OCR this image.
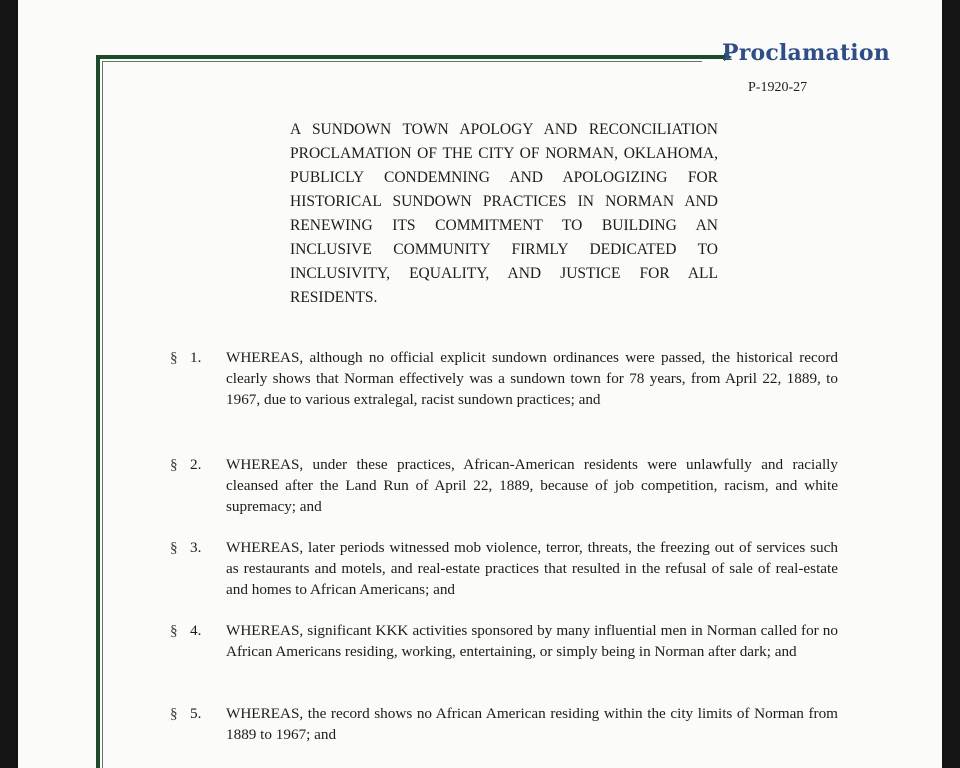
Proclamation
P-1920-27
A SUNDOWN TOWN APOLOGY AND RECONCILIATION PROCLAMATION OF THE CITY OF NORMAN, OKLAHOMA, PUBLICLY CONDEMNING AND APOLOGIZING FOR HISTORICAL SUNDOWN PRACTICES IN NORMAN AND RENEWING ITS COMMITMENT TO BUILDING AN INCLUSIVE COMMUNITY FIRMLY DEDICATED TO INCLUSIVITY, EQUALITY, AND JUSTICE FOR ALL RESIDENTS.
§ 1.	WHEREAS, although no official explicit sundown ordinances were passed, the historical record clearly shows that Norman effectively was a sundown town for 78 years, from April 22, 1889, to 1967, due to various extralegal, racist sundown practices; and
§ 2.	WHEREAS, under these practices, African-American residents were unlawfully and racially cleansed after the Land Run of April 22, 1889, because of job competition, racism, and white supremacy; and
§ 3.	WHEREAS, later periods witnessed mob violence, terror, threats, the freezing out of services such as restaurants and motels, and real-estate practices that resulted in the refusal of sale of real-estate and homes to African Americans; and
§ 4.	WHEREAS, significant KKK activities sponsored by many influential men in Norman called for no African Americans residing, working, entertaining, or simply being in Norman after dark; and
§ 5.	WHEREAS, the record shows no African American residing within the city limits of Norman from 1889 to 1967; and
